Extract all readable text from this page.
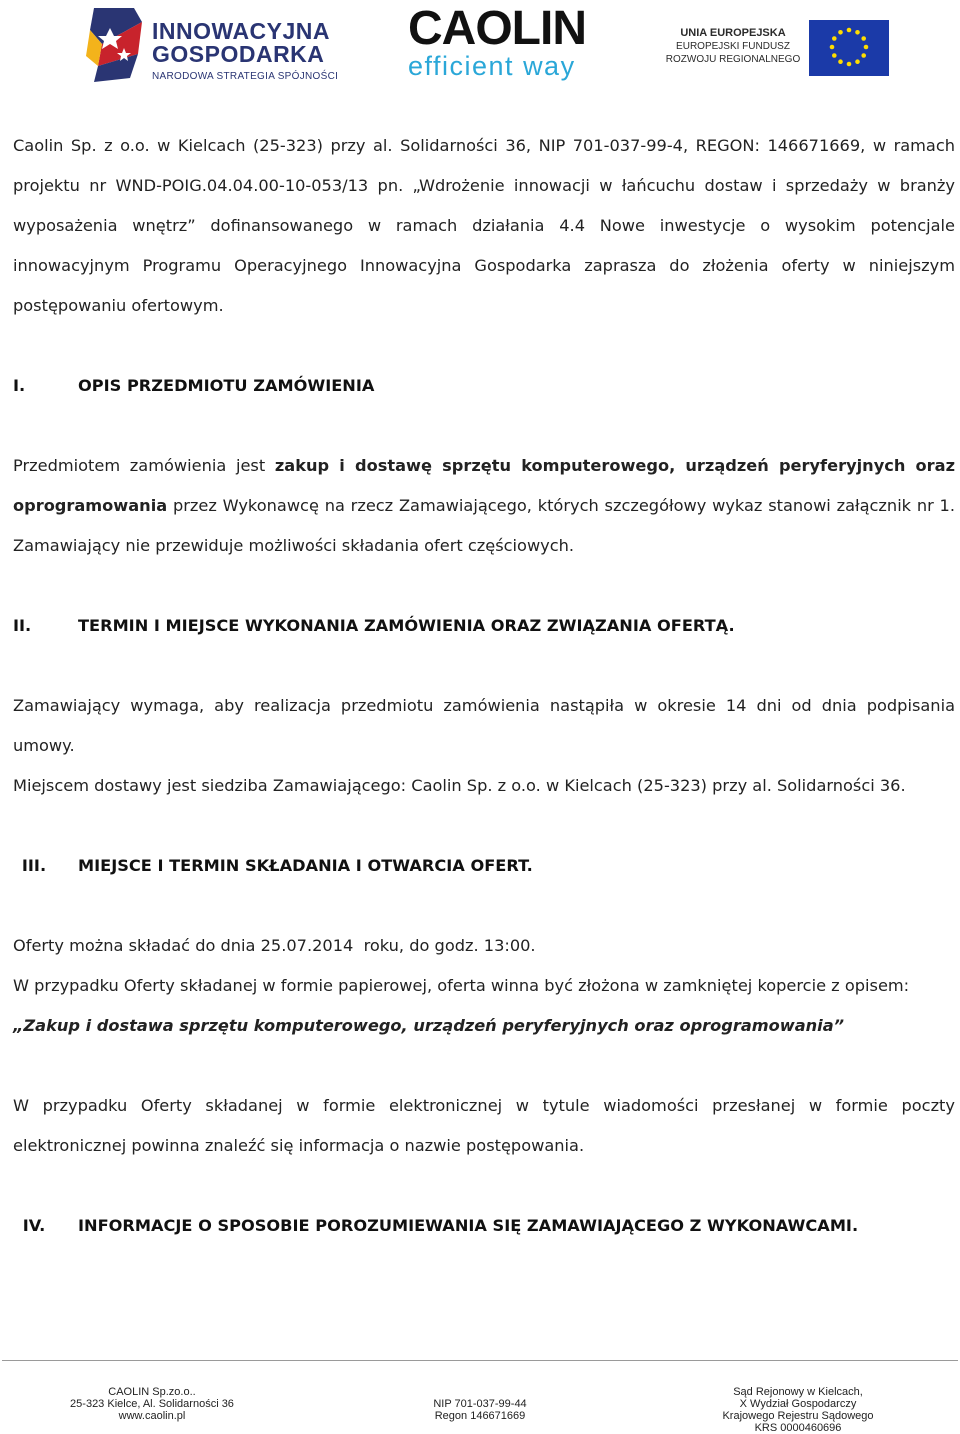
INNOWACYJNA
GOSPODARKA
NARODOWA STRATEGIA SPÓJNOŚCI
CAOLIN
efficient way
UNIA EUROPEJSKA
EUROPEJSKI FUNDUSZ
ROZWOJU REGIONALNEGO

Caolin Sp. z o.o. w Kielcach (25-323) przy al. Solidarności 36, NIP 701-037-99-4, REGON: 146671669, w ramach projektu nr WND-POIG.04.04.00-10-053/13 pn. „Wdrożenie innowacji w łańcuchu dostaw i sprzedaży w branży wyposażenia wnętrz” dofinansowanego w ramach działania 4.4 Nowe inwestycje o wysokim potencjale innowacyjnym Programu Operacyjnego Innowacyjna Gospodarka zaprasza do złożenia oferty w niniejszym postępowaniu ofertowym.

I.	OPIS PRZEDMIOTU ZAMÓWIENIA

Przedmiotem zamówienia jest zakup i dostawę sprzętu komputerowego, urządzeń peryferyjnych oraz oprogramowania przez Wykonawcę na rzecz Zamawiającego, których szczegółowy wykaz stanowi załącznik nr 1. Zamawiający nie przewiduje możliwości składania ofert częściowych.

II.	TERMIN I MIEJSCE WYKONANIA ZAMÓWIENIA ORAZ ZWIĄZANIA OFERTĄ.

Zamawiający wymaga, aby realizacja przedmiotu zamówienia nastąpiła w okresie 14 dni od dnia podpisania umowy.

Miejscem dostawy jest siedziba Zamawiającego: Caolin Sp. z o.o. w Kielcach (25-323) przy al. Solidarności 36.

III.	MIEJSCE I TERMIN SKŁADANIA I OTWARCIA OFERT.

Oferty można składać do dnia 25.07.2014  roku, do godz. 13:00.

W przypadku Oferty składanej w formie papierowej, oferta winna być złożona w zamkniętej kopercie z opisem:

„Zakup i dostawa sprzętu komputerowego, urządzeń peryferyjnych oraz oprogramowania”

W przypadku Oferty składanej w formie elektronicznej w tytule wiadomości przesłanej w formie poczty elektronicznej powinna znaleźć się informacja o nazwie postępowania.

IV.	INFORMACJE O SPOSOBIE POROZUMIEWANIA SIĘ ZAMAWIAJĄCEGO Z WYKONAWCAMI.
CAOLIN Sp.zo.o..
25-323 Kielce, Al. Solidarności 36
www.caolin.pl
NIP 701-037-99-44
Regon 146671669
Sąd Rejonowy w Kielcach,
X Wydział Gospodarczy
Krajowego Rejestru Sądowego
KRS 0000460696
